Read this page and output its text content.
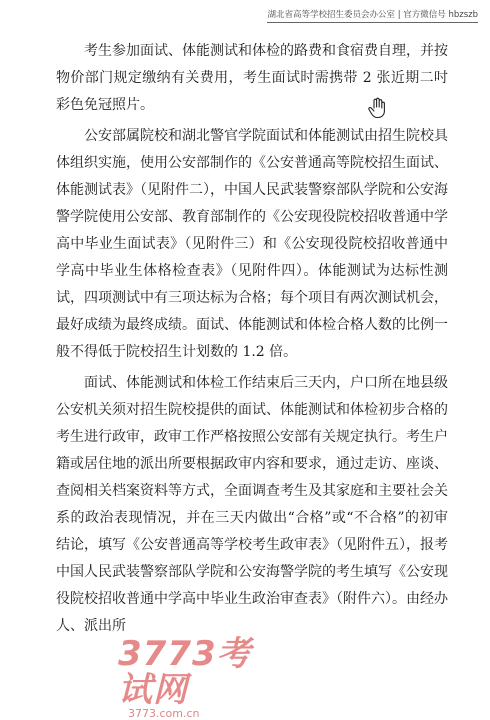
湖北省高等学校招生委员会办公室 | 官方微信号 hbzszb

考生参加面试、体能测试和体检的路费和食宿费自理，并按物价部门规定缴纳有关费用，考生面试时需携带 2 张近期二吋彩色免冠照片。

公安部属院校和湖北警官学院面试和体能测试由招生院校具体组织实施，使用公安部制作的《公安普通高等院校招生面试、体能测试表》（见附件二），中国人民武装警察部队学院和公安海警学院使用公安部、教育部制作的《公安现役院校招收普通中学高中毕业生面试表》（见附件三）和《公安现役院校招收普通中学高中毕业生体格检查表》（见附件四）。体能测试为达标性测试，四项测试中有三项达标为合格；每个项目有两次测试机会，最好成绩为最终成绩。面试、体能测试和体检合格人数的比例一般不得低于院校招生计划数的 1.2 倍。

面试、体能测试和体检工作结束后三天内，户口所在地县级公安机关须对招生院校提供的面试、体能测试和体检初步合格的考生进行政审，政审工作严格按照公安部有关规定执行。考生户籍或居住地的派出所要根据政审内容和要求，通过走访、座谈、查阅相关档案资料等方式，全面调查考生及其家庭和主要社会关系的政治表现情况，并在三天内做出“合格”或“不合格”的初审结论，填写《公安普通高等学校考生政审表》（见附件五），报考中国人民武装警察部队学院和公安海警学院的考生填写《公安现役院校招收普通中学高中毕业生政治审查表》（附件六）。由经办人、派出所

3773考试网
3773.com.cn
